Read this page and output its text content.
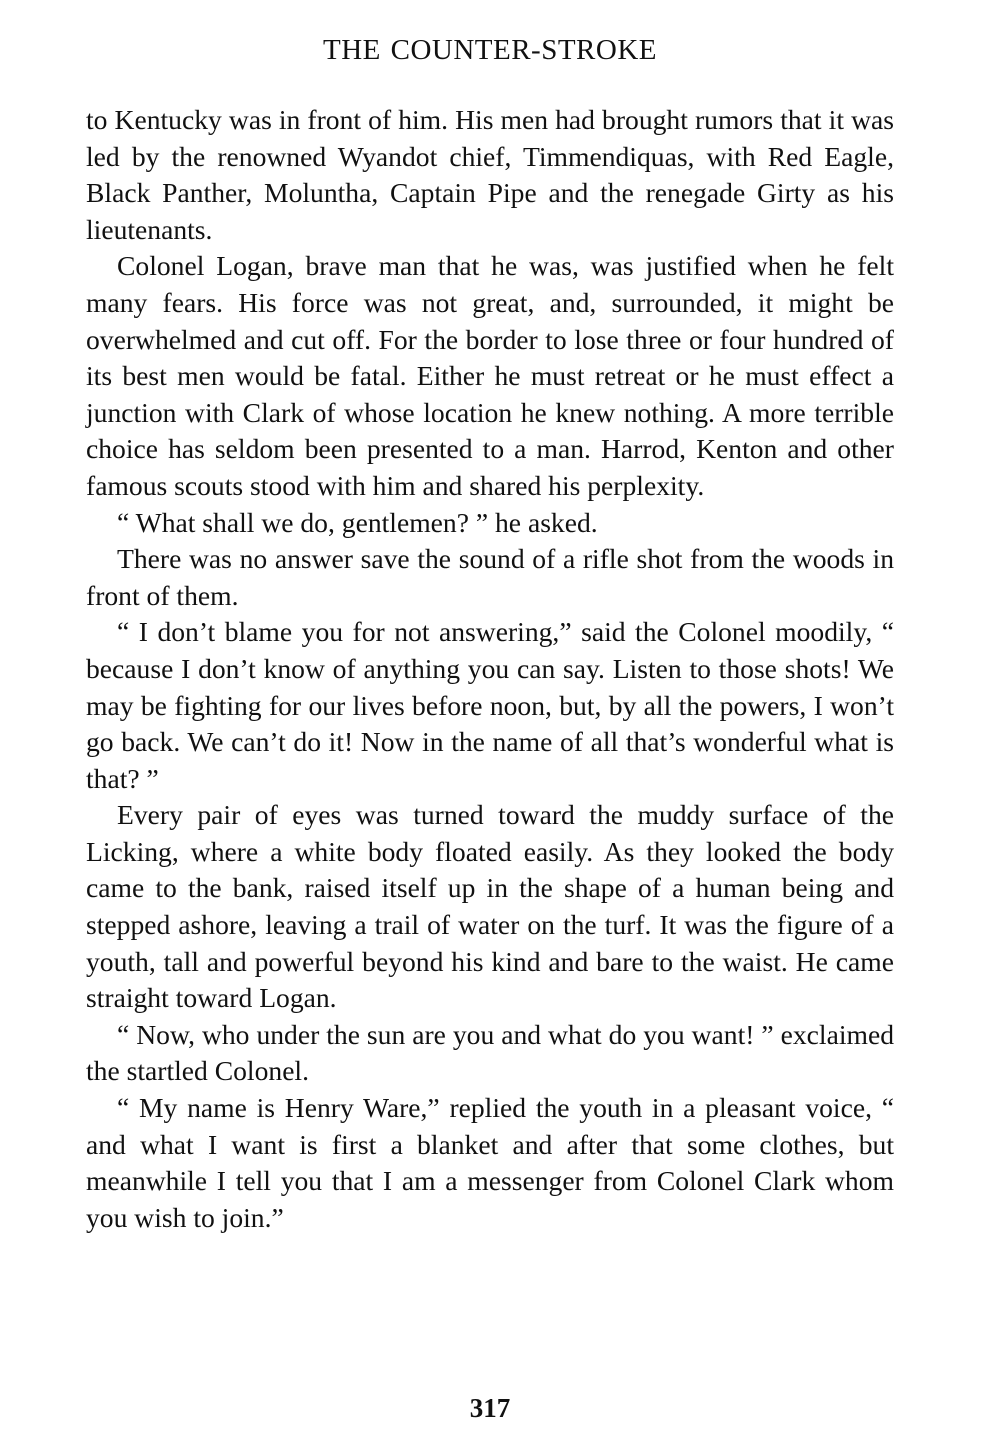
THE COUNTER-STROKE

to Kentucky was in front of him. His men had brought rumors that it was led by the renowned Wyandot chief, Timmendiquas, with Red Eagle, Black Panther, Moluntha, Captain Pipe and the renegade Girty as his lieutenants.

Colonel Logan, brave man that he was, was justified when he felt many fears. His force was not great, and, surrounded, it might be overwhelmed and cut off. For the border to lose three or four hundred of its best men would be fatal. Either he must retreat or he must effect a junction with Clark of whose location he knew nothing. A more terrible choice has seldom been presented to a man. Harrod, Kenton and other famous scouts stood with him and shared his perplexity.

“ What shall we do, gentlemen? ” he asked.

There was no answer save the sound of a rifle shot from the woods in front of them.

“ I don’t blame you for not answering,” said the Colonel moodily, “ because I don’t know of anything you can say. Listen to those shots! We may be fighting for our lives before noon, but, by all the powers, I won’t go back. We can’t do it! Now in the name of all that’s wonderful what is that? ”

Every pair of eyes was turned toward the muddy surface of the Licking, where a white body floated easily. As they looked the body came to the bank, raised itself up in the shape of a human being and stepped ashore, leaving a trail of water on the turf. It was the figure of a youth, tall and powerful beyond his kind and bare to the waist. He came straight toward Logan.

“ Now, who under the sun are you and what do you want! ” exclaimed the startled Colonel.

“ My name is Henry Ware,” replied the youth in a pleasant voice, “ and what I want is first a blanket and after that some clothes, but meanwhile I tell you that I am a messenger from Colonel Clark whom you wish to join.”

317
